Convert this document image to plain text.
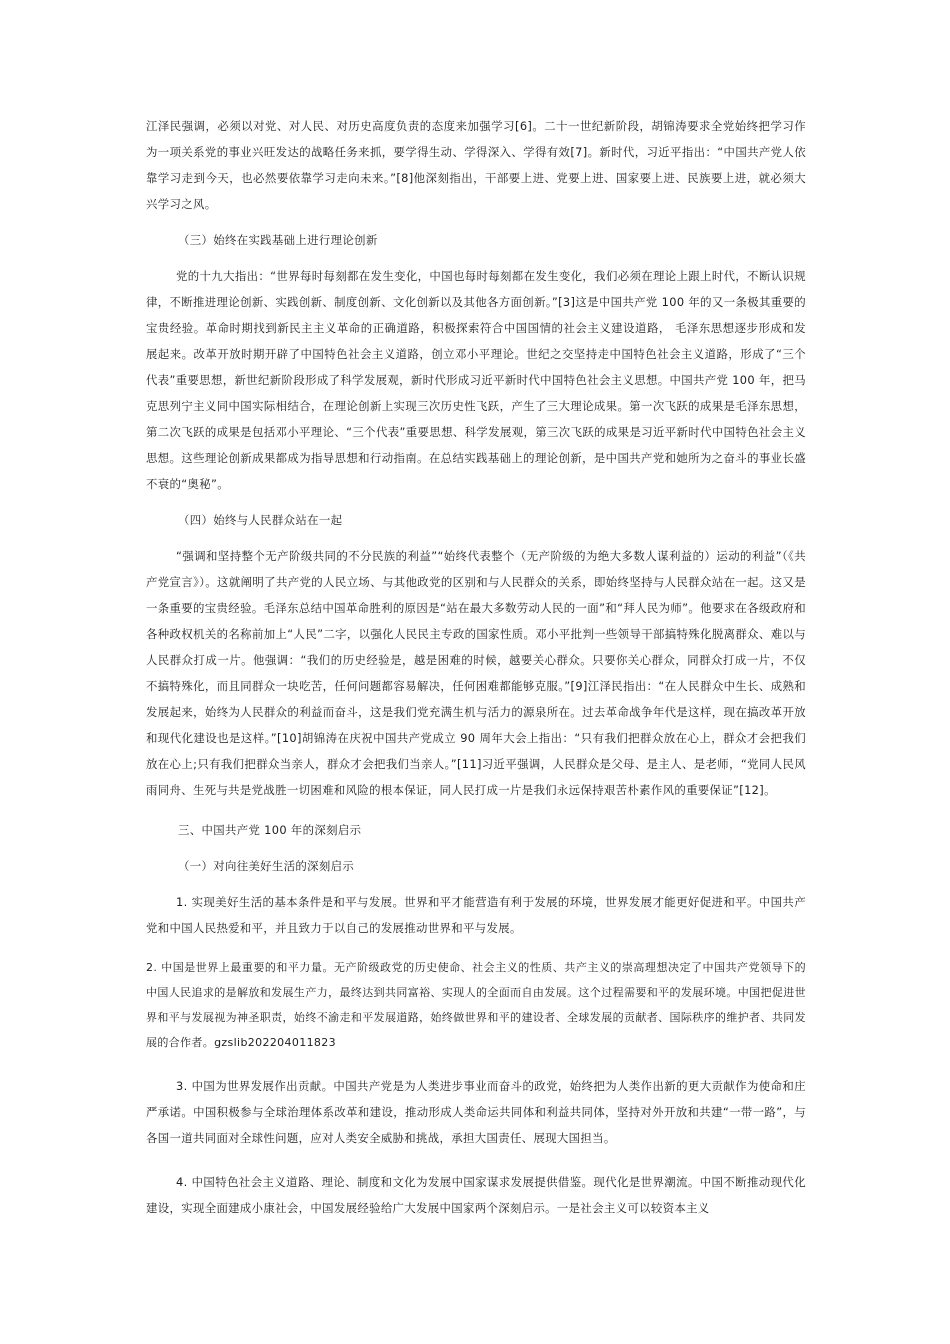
江泽民强调，必须以对党、对人民、对历史高度负责的态度来加强学习[6]。二十一世纪新阶段，胡锦涛要求全党始终把学习作为一项关系党的事业兴旺发达的战略任务来抓，要学得生动、学得深入、学得有效[7]。新时代，习近平指出：“中国共产党人依靠学习走到今天，也必然要依靠学习走向未来。”[8]他深刻指出，干部要上进、党要上进、国家要上进、民族要上进，就必须大兴学习之风。

（三）始终在实践基础上进行理论创新

党的十九大指出：“世界每时每刻都在发生变化，中国也每时每刻都在发生变化，我们必须在理论上跟上时代，不断认识规律，不断推进理论创新、实践创新、制度创新、文化创新以及其他各方面创新。”[3]这是中国共产党 100 年的又一条极其重要的宝贵经验。革命时期找到新民主主义革命的正确道路，积极探索符合中国国情的社会主义建设道路， 毛泽东思想逐步形成和发展起来。改革开放时期开辟了中国特色社会主义道路，创立邓小平理论。世纪之交坚持走中国特色社会主义道路，形成了“三个代表”重要思想，新世纪新阶段形成了科学发展观，新时代形成习近平新时代中国特色社会主义思想。中国共产党 100 年，把马克思列宁主义同中国实际相结合，在理论创新上实现三次历史性飞跃，产生了三大理论成果。第一次飞跃的成果是毛泽东思想，第二次飞跃的成果是包括邓小平理论、“三个代表”重要思想、科学发展观，第三次飞跃的成果是习近平新时代中国特色社会主义思想。这些理论创新成果都成为指导思想和行动指南。在总结实践基础上的理论创新，是中国共产党和她所为之奋斗的事业长盛不衰的“奥秘”。

（四）始终与人民群众站在一起

“强调和坚持整个无产阶级共同的不分民族的利益”“始终代表整个（无产阶级的为绝大多数人谋利益的）运动的利益”（《共产党宣言》）。这就阐明了共产党的人民立场、与其他政党的区别和与人民群众的关系，即始终坚持与人民群众站在一起。这又是一条重要的宝贵经验。毛泽东总结中国革命胜利的原因是“站在最大多数劳动人民的一面”和“拜人民为师”。他要求在各级政府和各种政权机关的名称前加上“人民”二字，以强化人民民主专政的国家性质。邓小平批判一些领导干部搞特殊化脱离群众、难以与人民群众打成一片。他强调：“我们的历史经验是，越是困难的时候，越要关心群众。只要你关心群众，同群众打成一片，不仅不搞特殊化，而且同群众一块吃苦，任何问题都容易解决，任何困难都能够克服。”[9]江泽民指出：“在人民群众中生长、成熟和发展起来，始终为人民群众的利益而奋斗，这是我们党充满生机与活力的源泉所在。过去革命战争年代是这样，现在搞改革开放和现代化建设也是这样。”[10]胡锦涛在庆祝中国共产党成立 90 周年大会上指出：“只有我们把群众放在心上，群众才会把我们放在心上;只有我们把群众当亲人，群众才会把我们当亲人。”[11]习近平强调，人民群众是父母、是主人、是老师，“党同人民风雨同舟、生死与共是党战胜一切困难和风险的根本保证，同人民打成一片是我们永远保持艰苦朴素作风的重要保证”[12]。

三、中国共产党 100 年的深刻启示

（一）对向往美好生活的深刻启示

1. 实现美好生活的基本条件是和平与发展。世界和平才能营造有利于发展的环境，世界发展才能更好促进和平。中国共产党和中国人民热爱和平，并且致力于以自己的发展推动世界和平与发展。

2. 中国是世界上最重要的和平力量。无产阶级政党的历史使命、社会主义的性质、共产主义的崇高理想决定了中国共产党领导下的中国人民追求的是解放和发展生产力，最终达到共同富裕、实现人的全面而自由发展。这个过程需要和平的发展环境。中国把促进世界和平与发展视为神圣职责，始终不渝走和平发展道路，始终做世界和平的建设者、全球发展的贡献者、国际秩序的维护者、共同发展的合作者。gzslib202204011823

3. 中国为世界发展作出贡献。中国共产党是为人类进步事业而奋斗的政党，始终把为人类作出新的更大贡献作为使命和庄严承诺。中国积极参与全球治理体系改革和建设，推动形成人类命运共同体和利益共同体，坚持对外开放和共建“一带一路”，与各国一道共同面对全球性问题，应对人类安全威胁和挑战，承担大国责任、展现大国担当。

4. 中国特色社会主义道路、理论、制度和文化为发展中国家谋求发展提供借鉴。现代化是世界潮流。中国不断推动现代化建设，实现全面建成小康社会，中国发展经验给广大发展中国家两个深刻启示。一是社会主义可以较资本主义
